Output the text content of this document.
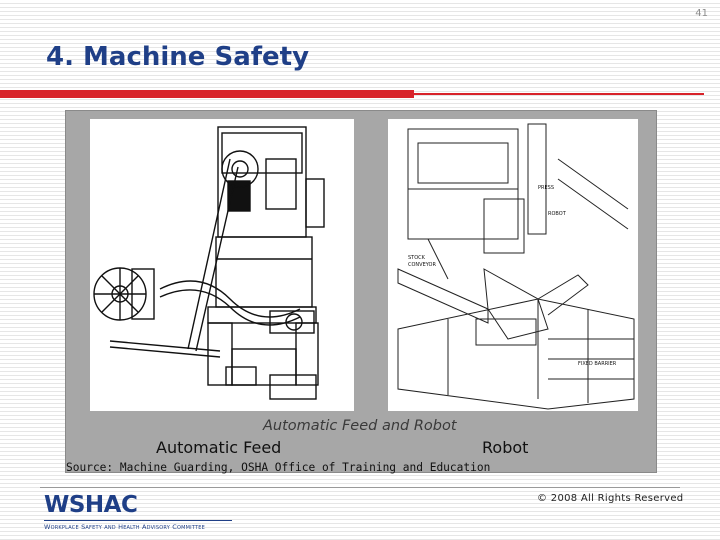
41
4. Machine Safety
PRESS
ROBOT
STOCK
CONVEYOR
FIXED BARRIER
Automatic Feed and Robot
Automatic Feed	Robot
Source: Machine Guarding, OSHA Office of Training and Education
WSHAC
Workplace Safety and Health Advisory Committee
© 2008 All Rights Reserved
